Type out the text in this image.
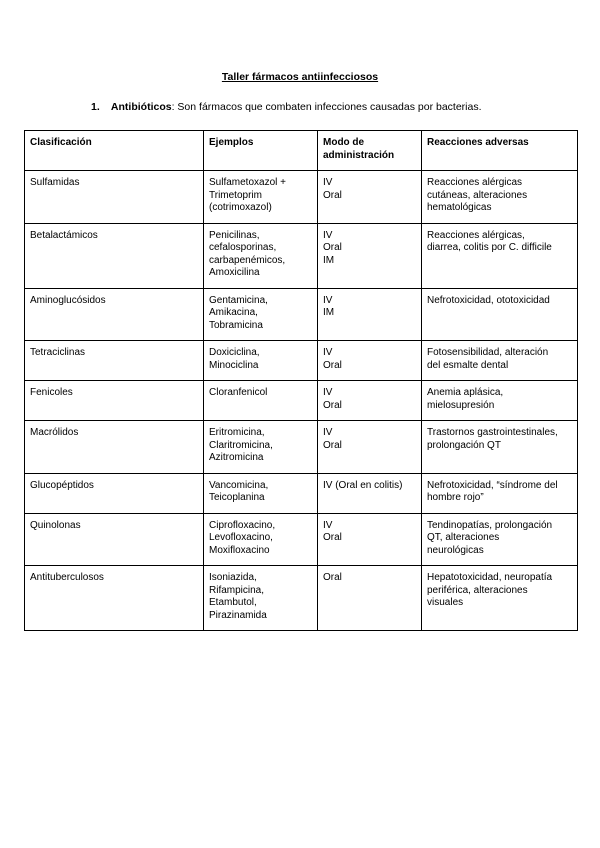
Taller fármacos antiinfecciosos
1. Antibióticos: Son fármacos que combaten infecciones causadas por bacterias.
Clasificación	Ejemplos	Modo de administración	Reacciones adversas
Sulfamidas	Sulfametoxazol +
Trimetoprim
(cotrimoxazol)	IV
Oral	Reacciones alérgicas
cutáneas, alteraciones
hematológicas

Betalactámicos	Penicilinas,
cefalosporinas,
carbapenémicos,
Amoxicilina	IV
Oral
IM	Reacciones alérgicas,
diarrea, colitis por C. difficile

Aminoglucósidos	Gentamicina,
Amikacina,
Tobramicina	IV
IM	Nefrotoxicidad, ototoxicidad

Tetraciclinas	Doxiciclina,
Minociclina	IV
Oral	Fotosensibilidad, alteración
del esmalte dental

Fenicoles	Cloranfenicol	IV
Oral	Anemia aplásica,
mielosupresión

Macrólidos	Eritromicina,
Claritromicina,
Azitromicina	IV
Oral	Trastornos gastrointestinales,
prolongación QT

Glucopéptidos	Vancomicina,
Teicoplanina	IV (Oral en colitis)	Nefrotoxicidad, “síndrome del
hombre rojo”

Quinolonas	Ciprofloxacino,
Levofloxacino,
Moxifloxacino	IV
Oral	Tendinopatías, prolongación
QT, alteraciones
neurológicas

Antituberculosos	Isoniazida,
Rifampicina,
Etambutol,
Pirazinamida	Oral	Hepatotoxicidad, neuropatía
periférica, alteraciones
visuales
